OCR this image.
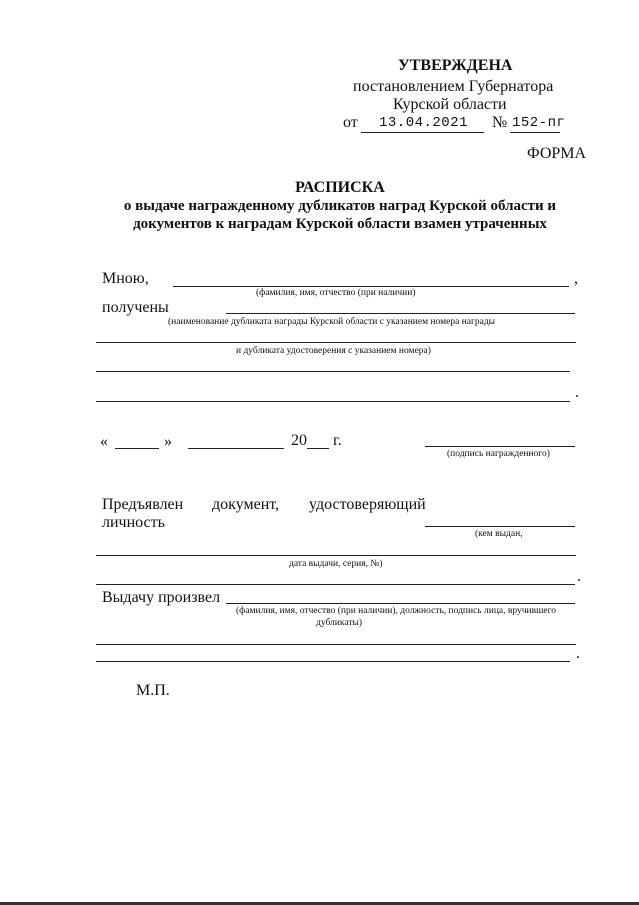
УТВЕРЖДЕНА
постановлением Губернатора
Курской области
от 13.04.2021 № 152-пг
ФОРМА
РАСПИСКА
о выдаче награжденному дубликатов наград Курской области и
документов к наградам Курской области взамен утраченных
Мною,	,
(фамилия, имя, отчество (при наличии)
получены
(наименование дубликата награды Курской области с указанием номера награды
и дубликата удостоверения с указанием номера)
.
«	»	20 г.
(подпись награжденного)
Предъявлен документ, удостоверяющий
личность
(кем выдан,
дата выдачи, серия, №)
.
Выдачу произвел
(фамилия, имя, отчество (при наличии), должность, подпись лица, вручившего
дубликаты)
.
М.П.
